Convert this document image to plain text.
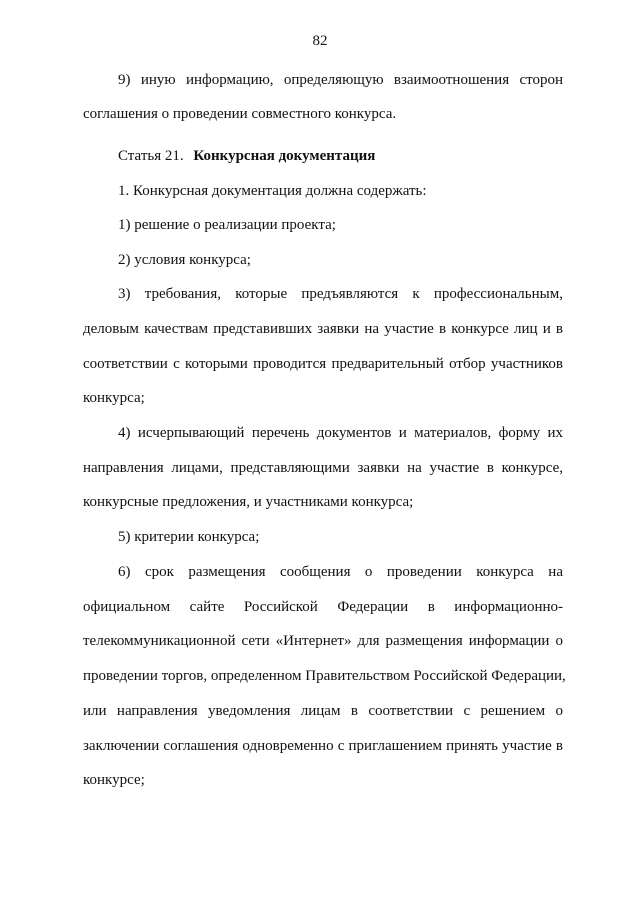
82
9) иную информацию, определяющую взаимоотношения сторон
соглашения о проведении совместного конкурса.
Статья 21. Конкурсная документация
1. Конкурсная документация должна содержать:
1) решение о реализации проекта;
2) условия конкурса;
3) требования, которые предъявляются к профессиональным,
деловым качествам представивших заявки на участие в конкурсе лиц и в
соответствии с которыми проводится предварительный отбор участников
конкурса;
4) исчерпывающий перечень документов и материалов, форму их
направления лицами, представляющими заявки на участие в конкурсе,
конкурсные предложения, и участниками конкурса;
5) критерии конкурса;
6) срок размещения сообщения о проведении конкурса на
официальном сайте Российской Федерации в информационно-
телекоммуникационной сети «Интернет» для размещения информации о
проведении торгов, определенном Правительством Российской Федерации,
или направления уведомления лицам в соответствии с решением о
заключении соглашения одновременно с приглашением принять участие в
конкурсе;
